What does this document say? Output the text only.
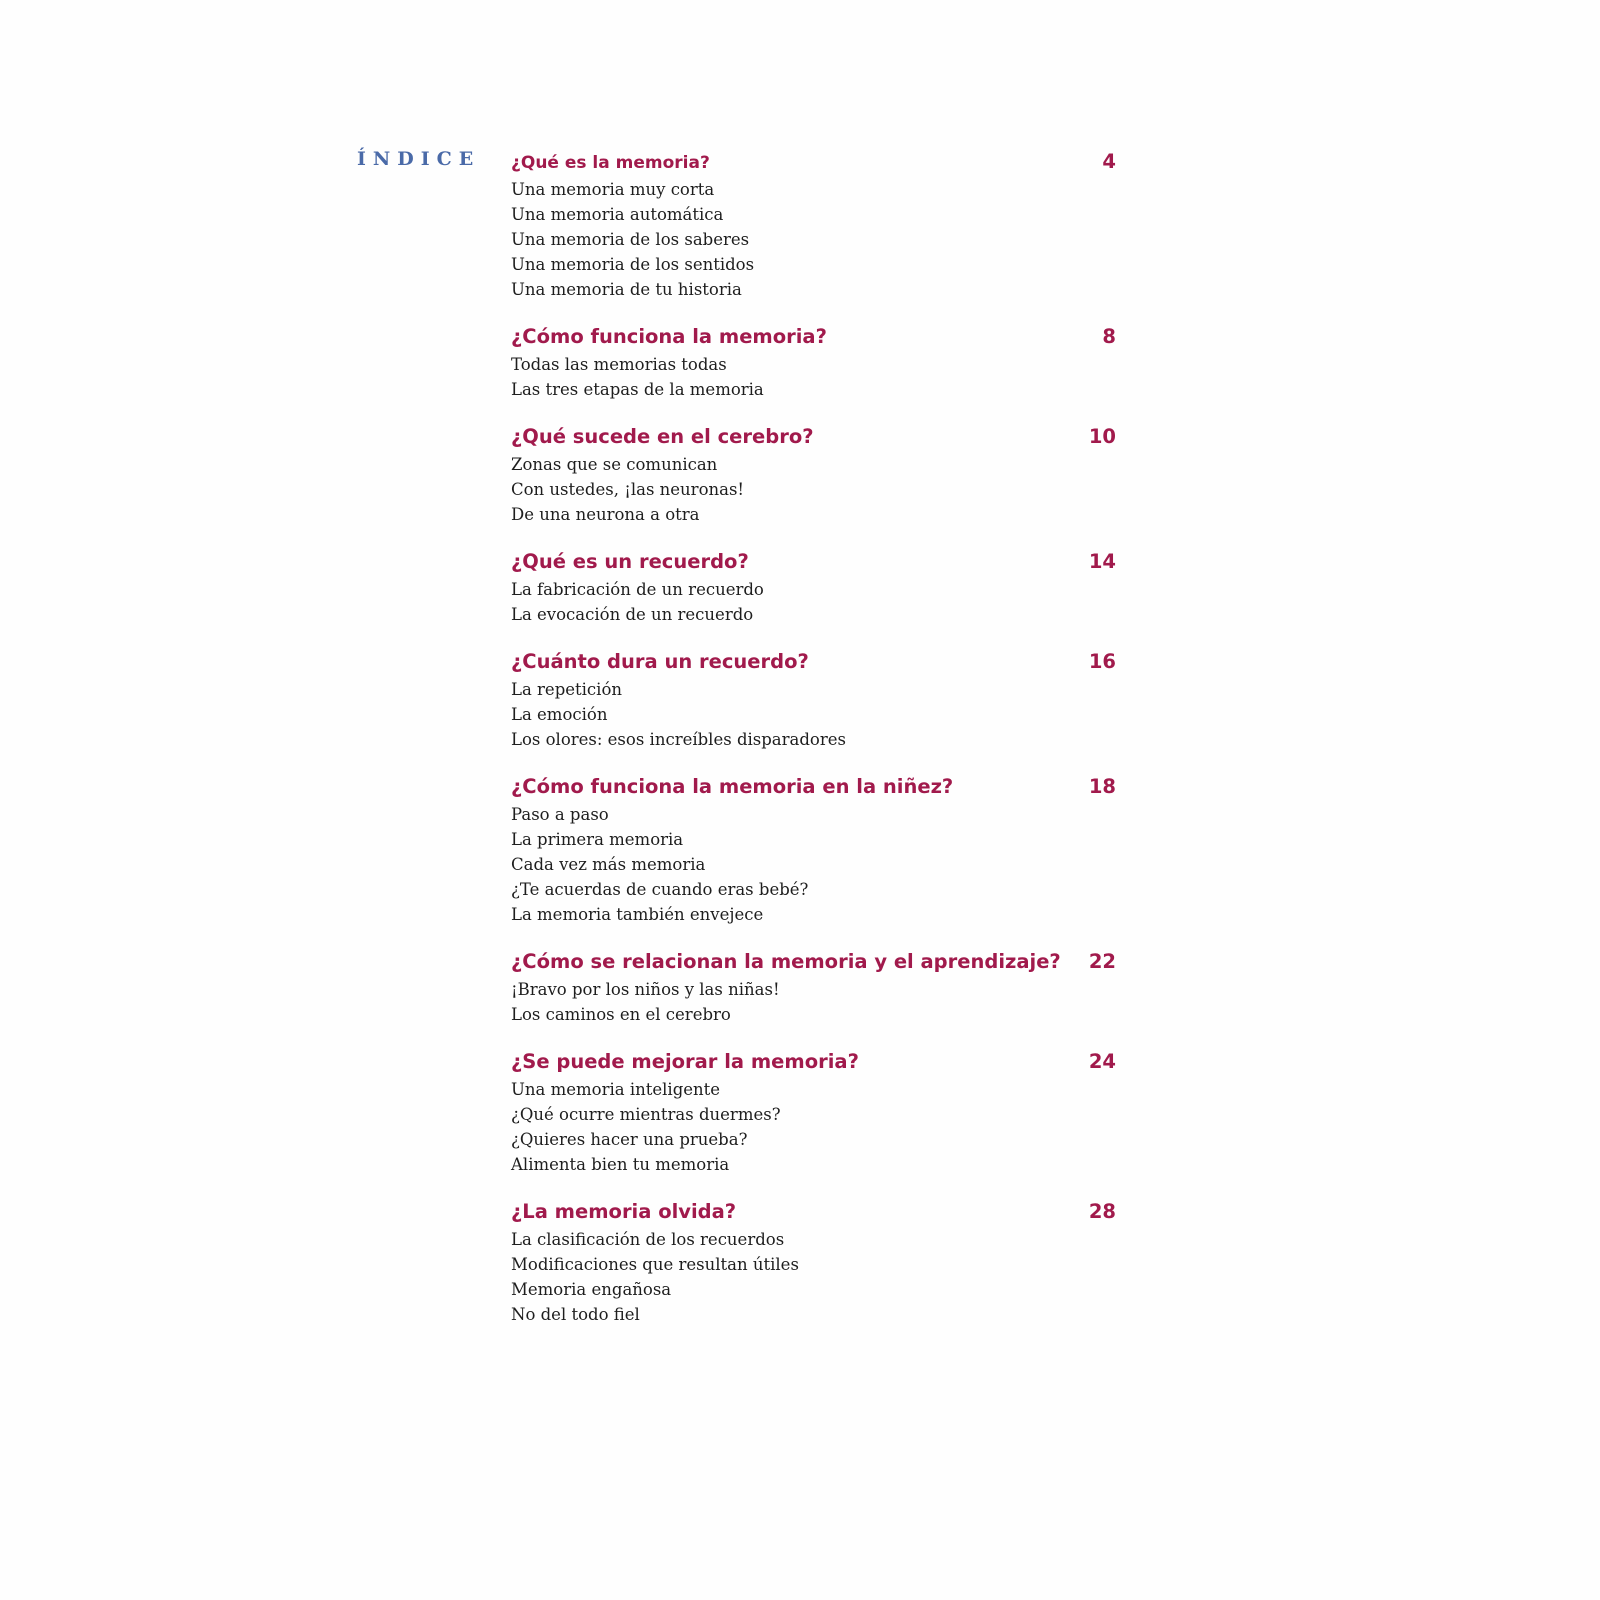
ÍNDICE ¿Qué es la memoria?	4
Una memoria muy corta
Una memoria automática
Una memoria de los saberes
Una memoria de los sentidos
Una memoria de tu historia
¿Cómo funciona la memoria?	8
Todas las memorias todas
Las tres etapas de la memoria
¿Qué sucede en el cerebro?	10
Zonas que se comunican
Con ustedes, ¡las neuronas!
De una neurona a otra
¿Qué es un recuerdo?	14
La fabricación de un recuerdo
La evocación de un recuerdo
¿Cuánto dura un recuerdo?	16
La repetición
La emoción
Los olores: esos increíbles disparadores
¿Cómo funciona la memoria en la niñez?	18
Paso a paso
La primera memoria
Cada vez más memoria
¿Te acuerdas de cuando eras bebé?
La memoria también envejece
¿Cómo se relacionan la memoria y el aprendizaje? 22
¡Bravo por los niños y las niñas!
Los caminos en el cerebro
¿Se puede mejorar la memoria?	24
Una memoria inteligente
¿Qué ocurre mientras duermes?
¿Quieres hacer una prueba?
Alimenta bien tu memoria
¿La memoria olvida?	28
La clasificación de los recuerdos
Modificaciones que resultan útiles
Memoria engañosa
No del todo fiel
